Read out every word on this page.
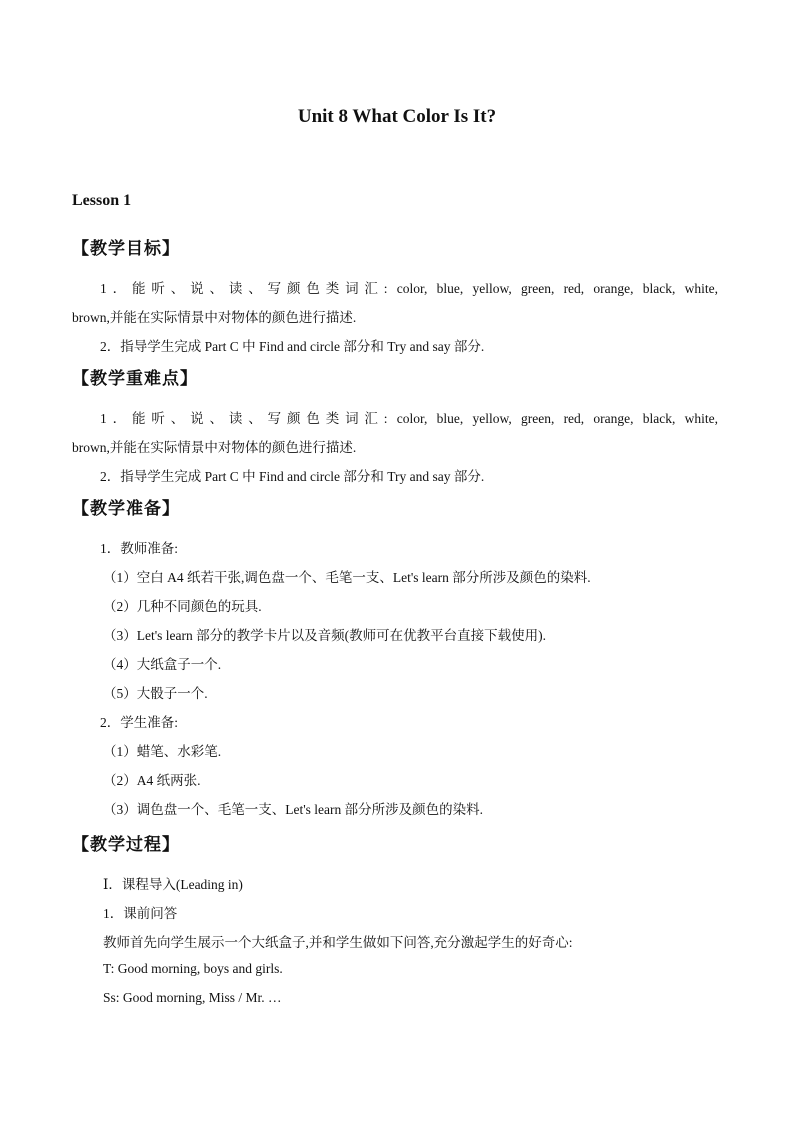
Unit 8 What Color Is It?
Lesson 1
【教学目标】
1．能听、说、读、写颜色类词汇: color, blue, yellow, green, red, orange, black, white,
brown,并能在实际情景中对物体的颜色进行描述.
2．指导学生完成 Part C 中 Find and circle 部分和 Try and say 部分.
【教学重难点】
1．能听、说、读、写颜色类词汇: color, blue, yellow, green, red, orange, black, white,
brown,并能在实际情景中对物体的颜色进行描述.
2．指导学生完成 Part C 中 Find and circle 部分和 Try and say 部分.
【教学准备】
1．教师准备:
（1）空白 A4 纸若干张,调色盘一个、毛笔一支、Let's learn 部分所涉及颜色的染料.
（2）几种不同颜色的玩具.
（3）Let's learn 部分的教学卡片以及音频(教师可在优教平台直接下载使用).
（4）大纸盒子一个.
（5）大骰子一个.
2．学生准备:
（1）蜡笔、水彩笔.
（2）A4 纸两张.
（3）调色盘一个、毛笔一支、Let's learn 部分所涉及颜色的染料.
【教学过程】
Ⅰ．课程导入(Leading in)
1．课前问答
教师首先向学生展示一个大纸盒子,并和学生做如下问答,充分激起学生的好奇心:
T: Good morning, boys and girls.
Ss: Good morning, Miss / Mr. …
